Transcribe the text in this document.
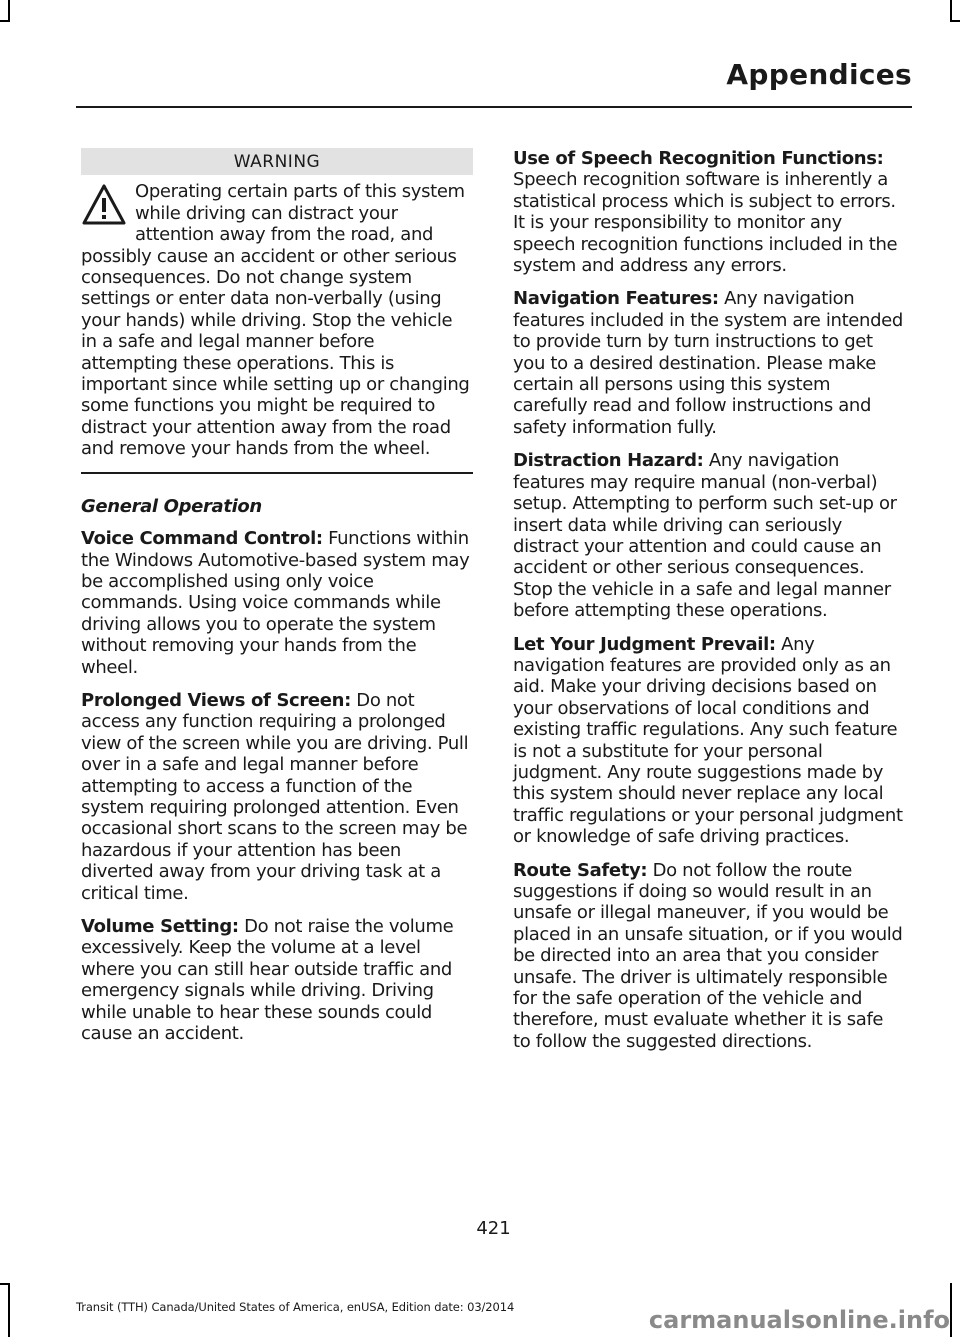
Appendices
WARNING
Operating certain parts of this system while driving can distract your attention away from the road, and possibly cause an accident or other serious consequences. Do not change system settings or enter data non-verbally (using your hands) while driving. Stop the vehicle in a safe and legal manner before attempting these operations. This is important since while setting up or changing some functions you might be required to distract your attention away from the road and remove your hands from the wheel.
General Operation

Voice Command Control: Functions within the Windows Automotive-based system may be accomplished using only voice commands. Using voice commands while driving allows you to operate the system without removing your hands from the wheel.

Prolonged Views of Screen: Do not access any function requiring a prolonged view of the screen while you are driving. Pull over in a safe and legal manner before attempting to access a function of the system requiring prolonged attention. Even occasional short scans to the screen may be hazardous if your attention has been diverted away from your driving task at a critical time.

Volume Setting: Do not raise the volume excessively. Keep the volume at a level where you can still hear outside traffic and emergency signals while driving. Driving while unable to hear these sounds could cause an accident.

Use of Speech Recognition Functions: Speech recognition software is inherently a statistical process which is subject to errors. It is your responsibility to monitor any speech recognition functions included in the system and address any errors.

Navigation Features: Any navigation features included in the system are intended to provide turn by turn instructions to get you to a desired destination. Please make certain all persons using this system carefully read and follow instructions and safety information fully.

Distraction Hazard: Any navigation features may require manual (non-verbal) setup. Attempting to perform such set-up or insert data while driving can seriously distract your attention and could cause an accident or other serious consequences. Stop the vehicle in a safe and legal manner before attempting these operations.

Let Your Judgment Prevail: Any navigation features are provided only as an aid. Make your driving decisions based on your observations of local conditions and existing traffic regulations. Any such feature is not a substitute for your personal judgment. Any route suggestions made by this system should never replace any local traffic regulations or your personal judgment or knowledge of safe driving practices.

Route Safety: Do not follow the route suggestions if doing so would result in an unsafe or illegal maneuver, if you would be placed in an unsafe situation, or if you would be directed into an area that you consider unsafe. The driver is ultimately responsible for the safe operation of the vehicle and therefore, must evaluate whether it is safe to follow the suggested directions.

421
Transit (TTH) Canada/United States of America, enUSA, Edition date: 03/2014	carmanualsonline.info
